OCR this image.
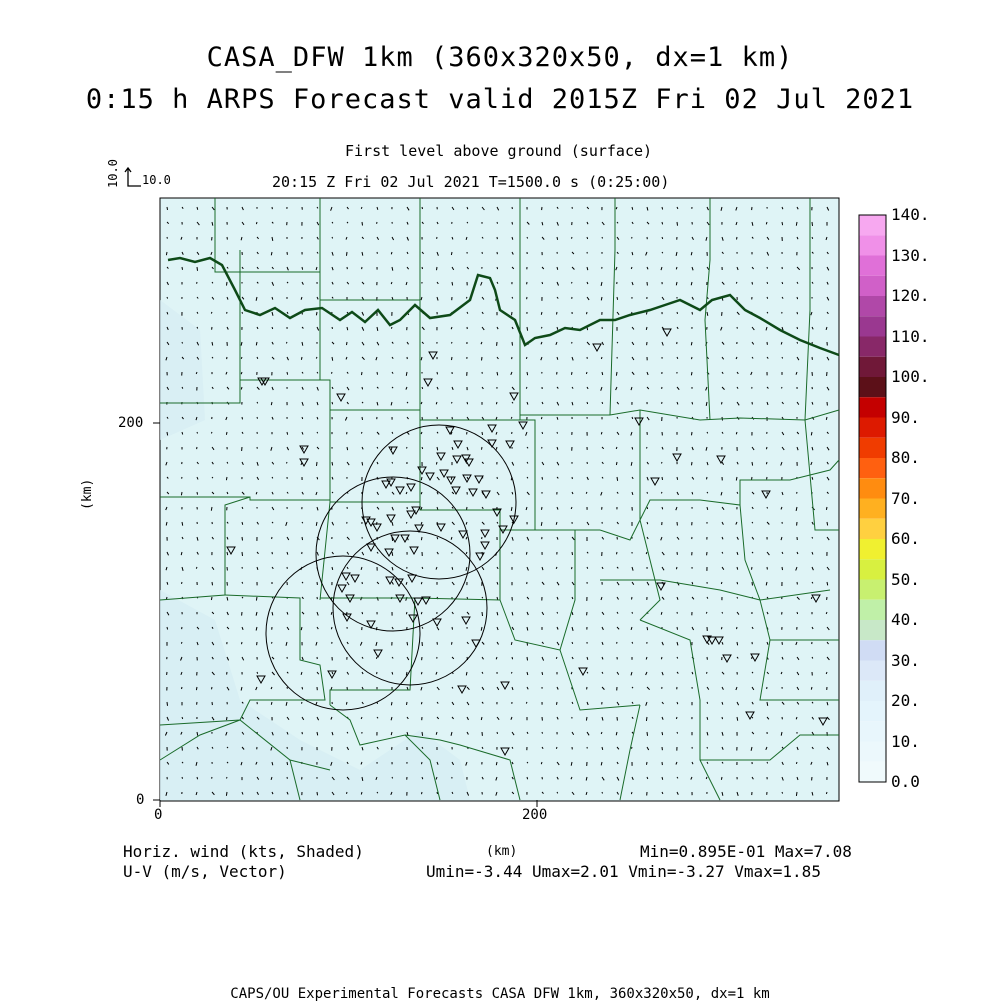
CASA_DFW 1km (360x320x50, dx=1 km)
0:15 h ARPS Forecast valid 2015Z Fri 02 Jul 2021
First level above ground (surface)
20:15 Z Fri 02 Jul 2021 T=1500.0 s (0:25:00)
10.0
10.0
(km)
200
0
0	200
(km)
Horiz. wind (kts, Shaded)
U-V (m/s, Vector)
Min=0.895E-01 Max=7.08
Umin=-3.44 Umax=2.01 Vmin=-3.27 Vmax=1.85
140.
130.
120.
110.
100.
90.
80.
70.
60.
50.
40.
30.
20.
10.
0.0
CAPS/OU Experimental Forecasts CASA DFW 1km, 360x320x50, dx=1 km
